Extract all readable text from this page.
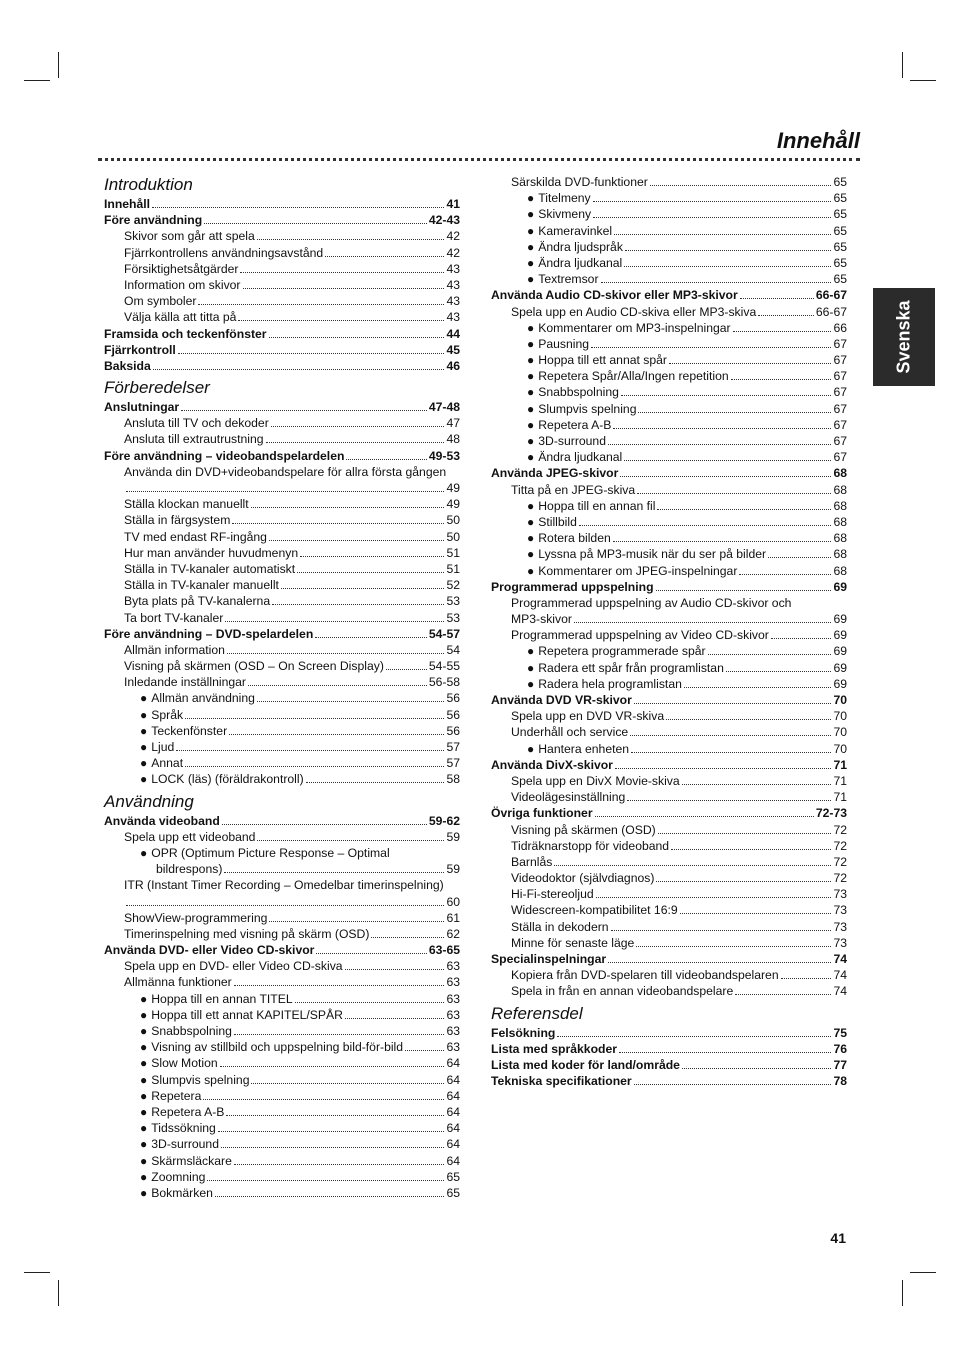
Innehåll
Introduktion
Innehåll	41
Före användning	42-43
Skivor som går att spela	42
Fjärrkontrollens användningsavstånd	42
Försiktighetsåtgärder	43
Information om skivor	43
Om symboler	43
Välja källa att titta på	43
Framsida och teckenfönster	44
Fjärrkontroll	45
Baksida	46
Förberedelser
Anslutningar	47-48
Ansluta till TV och dekoder	47
Ansluta till extrautrustning	48
Före användning – videobandspelardelen	49-53
Använda din DVD+videobandspelare för allra första gången
49
Ställa klockan manuellt	49
Ställa in färgsystem	50
TV med endast RF-ingång	50
Hur man använder huvudmenyn	51
Ställa in TV-kanaler automatiskt	51
Ställa in TV-kanaler manuellt	52
Byta plats på TV-kanalerna	53
Ta bort TV-kanaler	53
Före användning – DVD-spelardelen	54-57
Allmän information	54
Visning på skärmen (OSD – On Screen Display)	54-55
Inledande inställningar	56-58
● Allmän användning	56
● Språk	56
● Teckenfönster	56
● Ljud	57
● Annat	57
● LOCK (läs) (föräldrakontroll)	58
Användning
Använda videoband	59-62
Spela upp ett videoband	59
● OPR (Optimum Picture Response – Optimal
bildrespons)	59
ITR (Instant Timer Recording – Omedelbar timerinspelning)
60
ShowView-programmering	61
Timerinspelning med visning på skärm (OSD)	62
Använda DVD- eller Video CD-skivor	63-65
Spela upp en DVD- eller Video CD-skiva	63
Allmänna funktioner	63
● Hoppa till en annan TITEL	63
● Hoppa till ett annat KAPITEL/SPÅR	63
● Snabbspolning	63
● Visning av stillbild och uppspelning bild-för-bild	63
● Slow Motion	64
● Slumpvis spelning	64
● Repetera	64
● Repetera A-B	64
● Tidssökning	64
● 3D-surround	64
● Skärmsläckare	64
● Zoomning	65
● Bokmärken	65
Särskilda DVD-funktioner	65
● Titelmeny	65
● Skivmeny	65
● Kameravinkel	65
● Ändra ljudspråk	65
● Ändra ljudkanal	65
● Textremsor	65
Använda Audio CD-skivor eller MP3-skivor	66-67
Spela upp en Audio CD-skiva eller MP3-skiva	66-67
● Kommentarer om MP3-inspelningar	66
● Pausning	67
● Hoppa till ett annat spår	67
● Repetera Spår/Alla/Ingen repetition	67
● Snabbspolning	67
● Slumpvis spelning	67
● Repetera A-B	67
● 3D-surround	67
● Ändra ljudkanal	67
Använda JPEG-skivor	68
Titta på en JPEG-skiva	68
● Hoppa till en annan fil	68
● Stillbild	68
● Rotera bilden	68
● Lyssna på MP3-musik när du ser på bilder	68
● Kommentarer om JPEG-inspelningar	68
Programmerad uppspelning	69
Programmerad uppspelning av Audio CD-skivor och
MP3-skivor	69
Programmerad uppspelning av Video CD-skivor	69
● Repetera programmerade spår	69
● Radera ett spår från programlistan	69
● Radera hela programlistan	69
Använda DVD VR-skivor	70
Spela upp en DVD VR-skiva	70
Underhåll och service	70
● Hantera enheten	70
Använda DivX-skivor	71
Spela upp en DivX Movie-skiva	71
Videolägesinställning	71
Övriga funktioner	72-73
Visning på skärmen (OSD)	72
Tidräknarstopp för videoband	72
Barnlås	72
Videodoktor (självdiagnos)	72
Hi-Fi-stereoljud	73
Widescreen-kompatibilitet 16:9	73
Ställa in dekodern	73
Minne för senaste läge	73
Specialinspelningar	74
Kopiera från DVD-spelaren till videobandspelaren	74
Spela in från en annan videobandspelare	74
Referensdel
Felsökning	75
Lista med språkkoder	76
Lista med koder för land/område	77
Tekniska specifikationer	78
Svenska
41
